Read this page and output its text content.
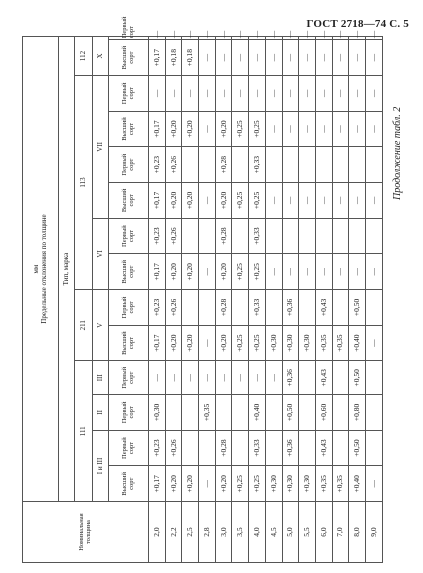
ГОСТ 2718—74 С. 5
Продолжение табл. 2
Номинальная толщина	мм Предельные отклонения по толщине													

	Тип, марка													
	111				211		113						112	
	I и III		II	III	V		VI		VII				X	
	Высший сорт	Первый сорт	Первый сорт	Первый сорт	Высший сорт	Первый сорт	Высший сорт	Первый сорт	Высший сорт	Первый сорт	Высший сорт	Первый сорт	Высший сорт	Первый сорт
2,0	+0,17	+0,23	+0,30	—	+0,17	+0,23	+0,17	+0,23	+0,17	+0,23	+0,17	—	+0,17	—
2,2	+0,20	+0,26		—	+0,20	+0,26	+0,20	+0,26	+0,20	+0,26	+0,20	—	+0,18	—
2,5	+0,20			—	+0,20		+0,20		+0,20		+0,20	—	+0,18	—
2,8	—		+0,35	—	—		—		—		—	—	—	—
3,0	+0,20	+0,28		—	+0,20	+0,28	+0,20	+0,28	+0,20	+0,28	+0,20	—	—	—
3,5	+0,25			—	+0,25		+0,25		+0,25		+0,25	—	—	—
4,0	+0,25	+0,33	+0,40	—	+0,25	+0,33	+0,25	+0,33	+0,25	+0,33	+0,25	—	—	—
4,5	+0,30			—	+0,30		—		—		—	—	—	—
5,0	+0,30	+0,36	+0,50	+0,36	+0,30	+0,36	—		—		—	—	—	—
5,5	+0,30				+0,30		—		—		—	—	—	—
6,0	+0,35	+0,43	+0,60	+0,43	+0,35	+0,43	—		—		—	—	—	—
7,0	+0,35				+0,35		—		—		—	—	—	—
8,0	+0,40	+0,50	+0,80	+0,50	+0,40	+0,50	—		—		—	—	—	—
9,0	—				—		—		—		—	—	—	—
